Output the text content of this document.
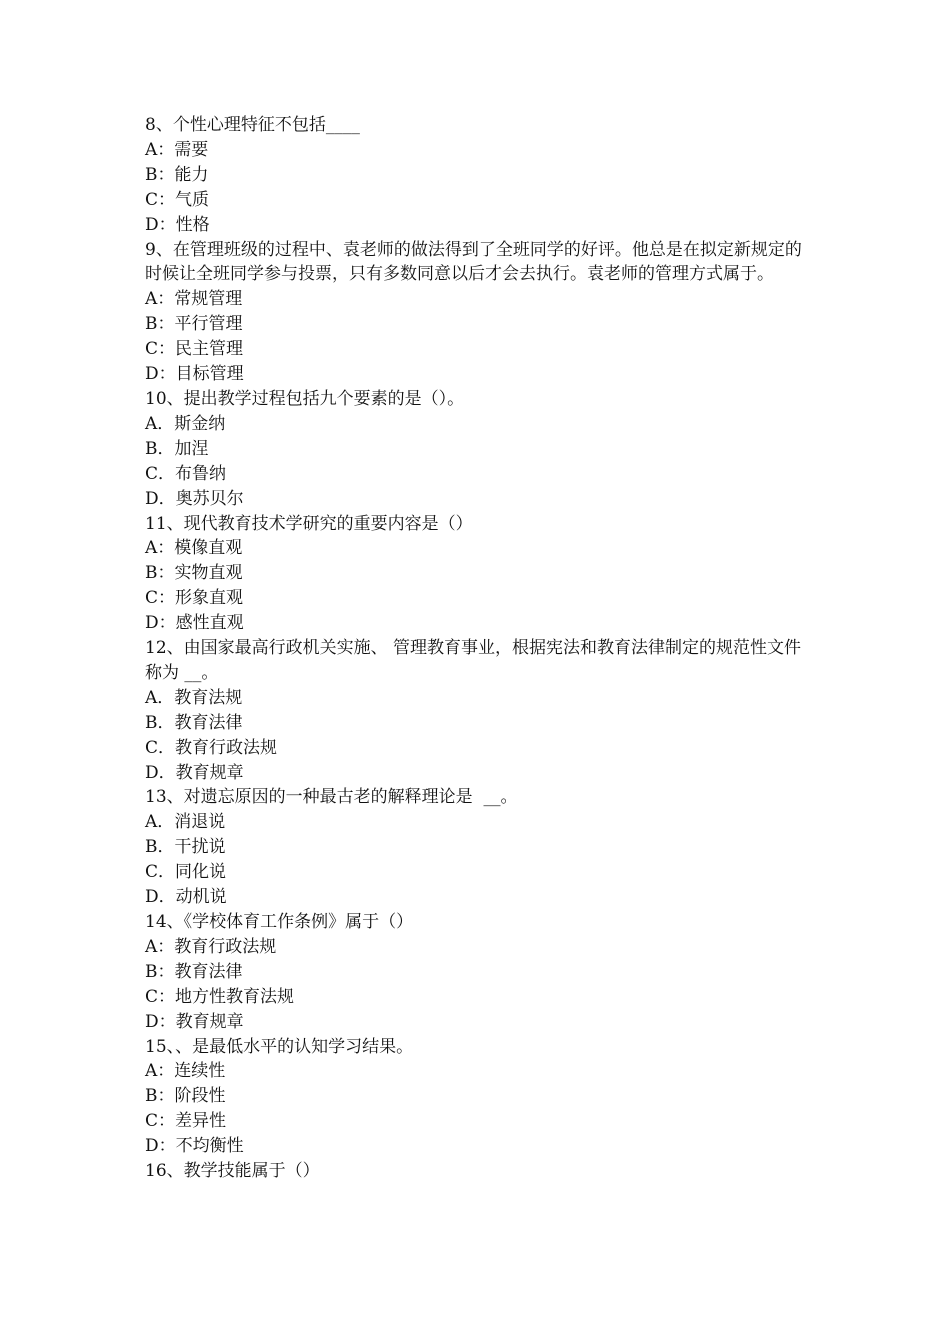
8、个性心理特征不包括____

A：需要

B：能力

C：气质

D：性格

9、在管理班级的过程中、袁老师的做法得到了全班同学的好评。他总是在拟定新规定的时候让全班同学参与投票，只有多数同意以后才会去执行。袁老师的管理方式属于。

A：常规管理

B：平行管理

C：民主管理

D：目标管理

10、提出教学过程包括九个要素的是（）。

A．斯金纳

B．加涅

C．布鲁纳

D．奥苏贝尔

11、现代教育技术学研究的重要内容是（）

A：模像直观

B：实物直观

C：形象直观

D：感性直观

12、由国家最高行政机关实施、 管理教育事业，根据宪法和教育法律制定的规范性文件称为 __。

A．教育法规

B．教育法律

C．教育行政法规

D．教育规章

13、对遗忘原因的一种最古老的解释理论是  __。

A．消退说

B．干扰说

C．同化说

D．动机说

14、《学校体育工作条例》属于（）

A：教育行政法规

B：教育法律

C：地方性教育法规

D：教育规章

15、、是最低水平的认知学习结果。

A：连续性

B：阶段性

C：差异性

D：不均衡性

16、教学技能属于（）
